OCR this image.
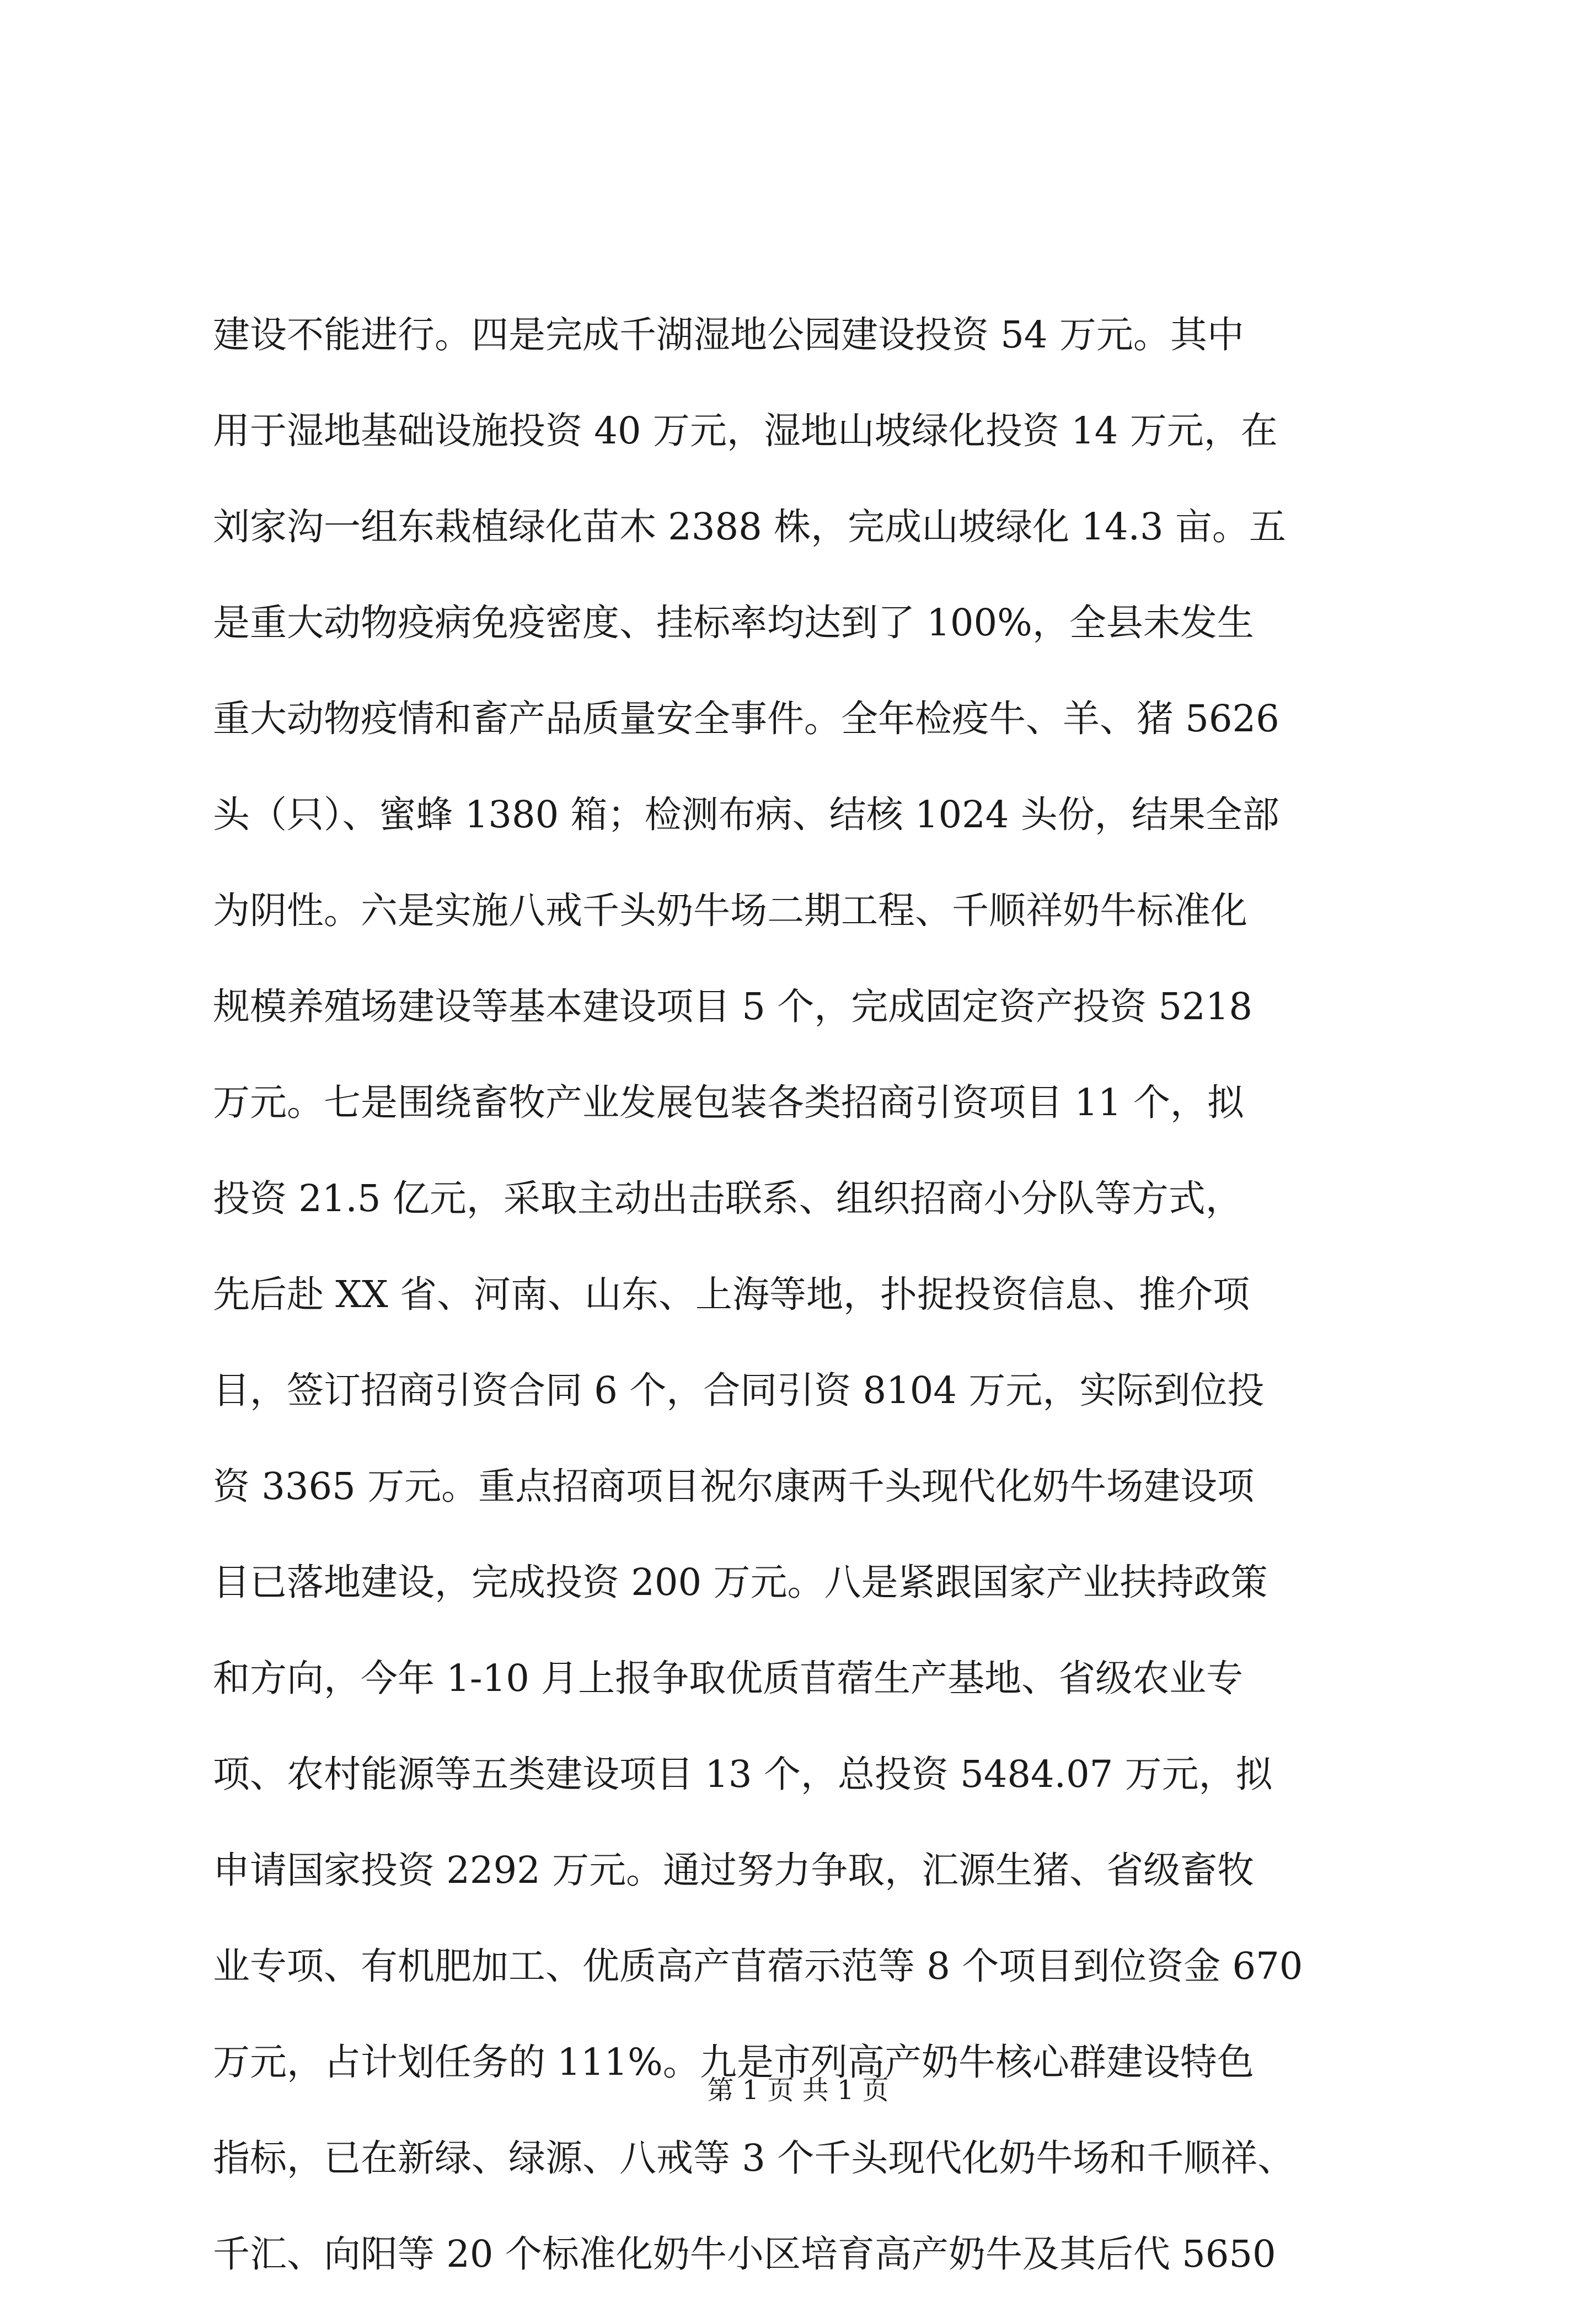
建设不能进行。四是完成千湖湿地公园建设投资 54 万元。其中
用于湿地基础设施投资 40 万元，湿地山坡绿化投资 14 万元，在
刘家沟一组东栽植绿化苗木 2388 株，完成山坡绿化 14.3 亩。五
是重大动物疫病免疫密度、挂标率均达到了 100%，全县未发生
重大动物疫情和畜产品质量安全事件。全年检疫牛、羊、猪 5626
头（只）、蜜蜂 1380 箱；检测布病、结核 1024 头份，结果全部
为阴性。六是实施八戒千头奶牛场二期工程、千顺祥奶牛标准化
规模养殖场建设等基本建设项目 5 个，完成固定资产投资 5218
万元。七是围绕畜牧产业发展包装各类招商引资项目 11 个，拟
投资 21.5 亿元，采取主动出击联系、组织招商小分队等方式，
先后赴 XX 省、河南、山东、上海等地，扑捉投资信息、推介项
目，签订招商引资合同 6 个，合同引资 8104 万元，实际到位投
资 3365 万元。重点招商项目祝尔康两千头现代化奶牛场建设项
目已落地建设，完成投资 200 万元。八是紧跟国家产业扶持政策
和方向，今年 1-10 月上报争取优质苜蓿生产基地、省级农业专
项、农村能源等五类建设项目 13 个，总投资 5484.07 万元，拟
申请国家投资 2292 万元。通过努力争取，汇源生猪、省级畜牧
业专项、有机肥加工、优质高产苜蓿示范等 8 个项目到位资金 670
万元，占计划任务的 111%。九是市列高产奶牛核心群建设特色
指标，已在新绿、绿源、八戒等 3 个千头现代化奶牛场和千顺祥、
千汇、向阳等 20 个标准化奶牛小区培育高产奶牛及其后代 5650
第 1 页 共 1 页
